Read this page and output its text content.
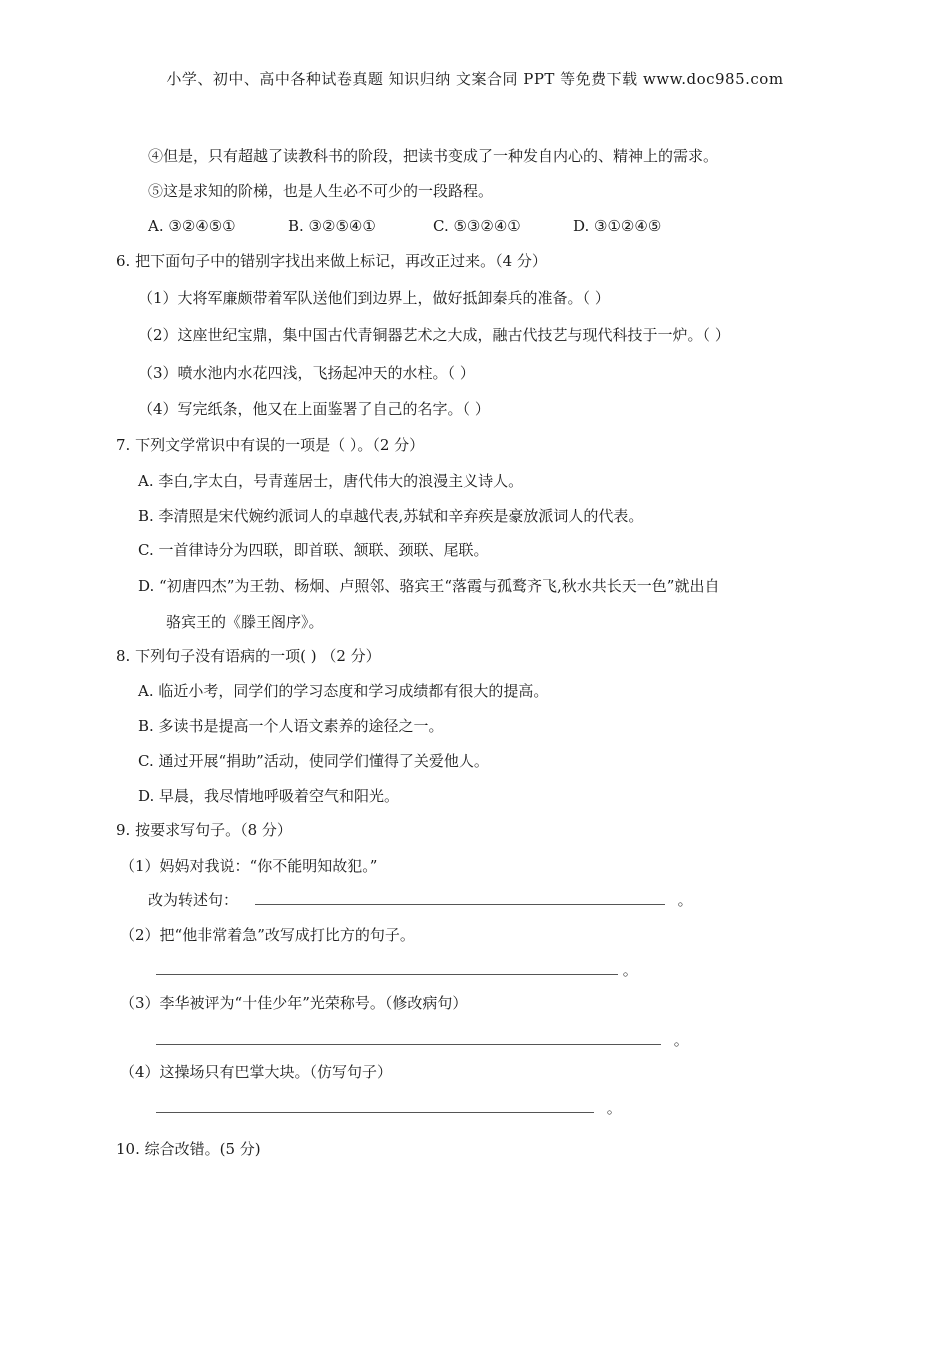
小学、初中、高中各种试卷真题 知识归纳 文案合同 PPT 等免费下载 www.doc985.com
④但是，只有超越了读教科书的阶段，把读书变成了一种发自内心的、精神上的需求。
⑤这是求知的阶梯，也是人生必不可少的一段路程。
A. ③②④⑤①	B. ③②⑤④①	C. ⑤③②④①	D. ③①②④⑤
6. 把下面句子中的错别字找出来做上标记，再改正过来。（4 分）
（1）大将军廉颇带着军队送他们到边界上，做好抵卸秦兵的准备。（ ）
（2）这座世纪宝鼎，集中国古代青铜器艺术之大成，融古代技艺与现代科技于一炉。（ ）
（3）喷水池内水花四浅，飞扬起冲天的水柱。（ ）
（4）写完纸条，他又在上面鉴署了自己的名字。（ ）
7. 下列文学常识中有误的一项是（ ）。（2 分）
A. 李白,字太白，号青莲居士，唐代伟大的浪漫主义诗人。
B. 李清照是宋代婉约派词人的卓越代表,苏轼和辛弃疾是豪放派词人的代表。
C. 一首律诗分为四联，即首联、颔联、颈联、尾联。
D. “初唐四杰”为王勃、杨炯、卢照邻、骆宾王“落霞与孤鹜齐飞,秋水共长天一色”就出自
骆宾王的《滕王阁序》。
8. 下列句子没有语病的一项( ) （2 分）
A. 临近小考，同学们的学习态度和学习成绩都有很大的提高。
B. 多读书是提高一个人语文素养的途径之一。
C. 通过开展“捐助”活动，使同学们懂得了关爱他人。
D. 早晨，我尽情地呼吸着空气和阳光。
9. 按要求写句子。（8 分）
（1）妈妈对我说：“你不能明知故犯。”
改为转述句：	。
（2）把“他非常着急”改写成打比方的句子。
。
（3）李华被评为“十佳少年”光荣称号。（修改病句）
。
（4）这操场只有巴掌大块。（仿写句子）
。
10. 综合改错。(5 分)
